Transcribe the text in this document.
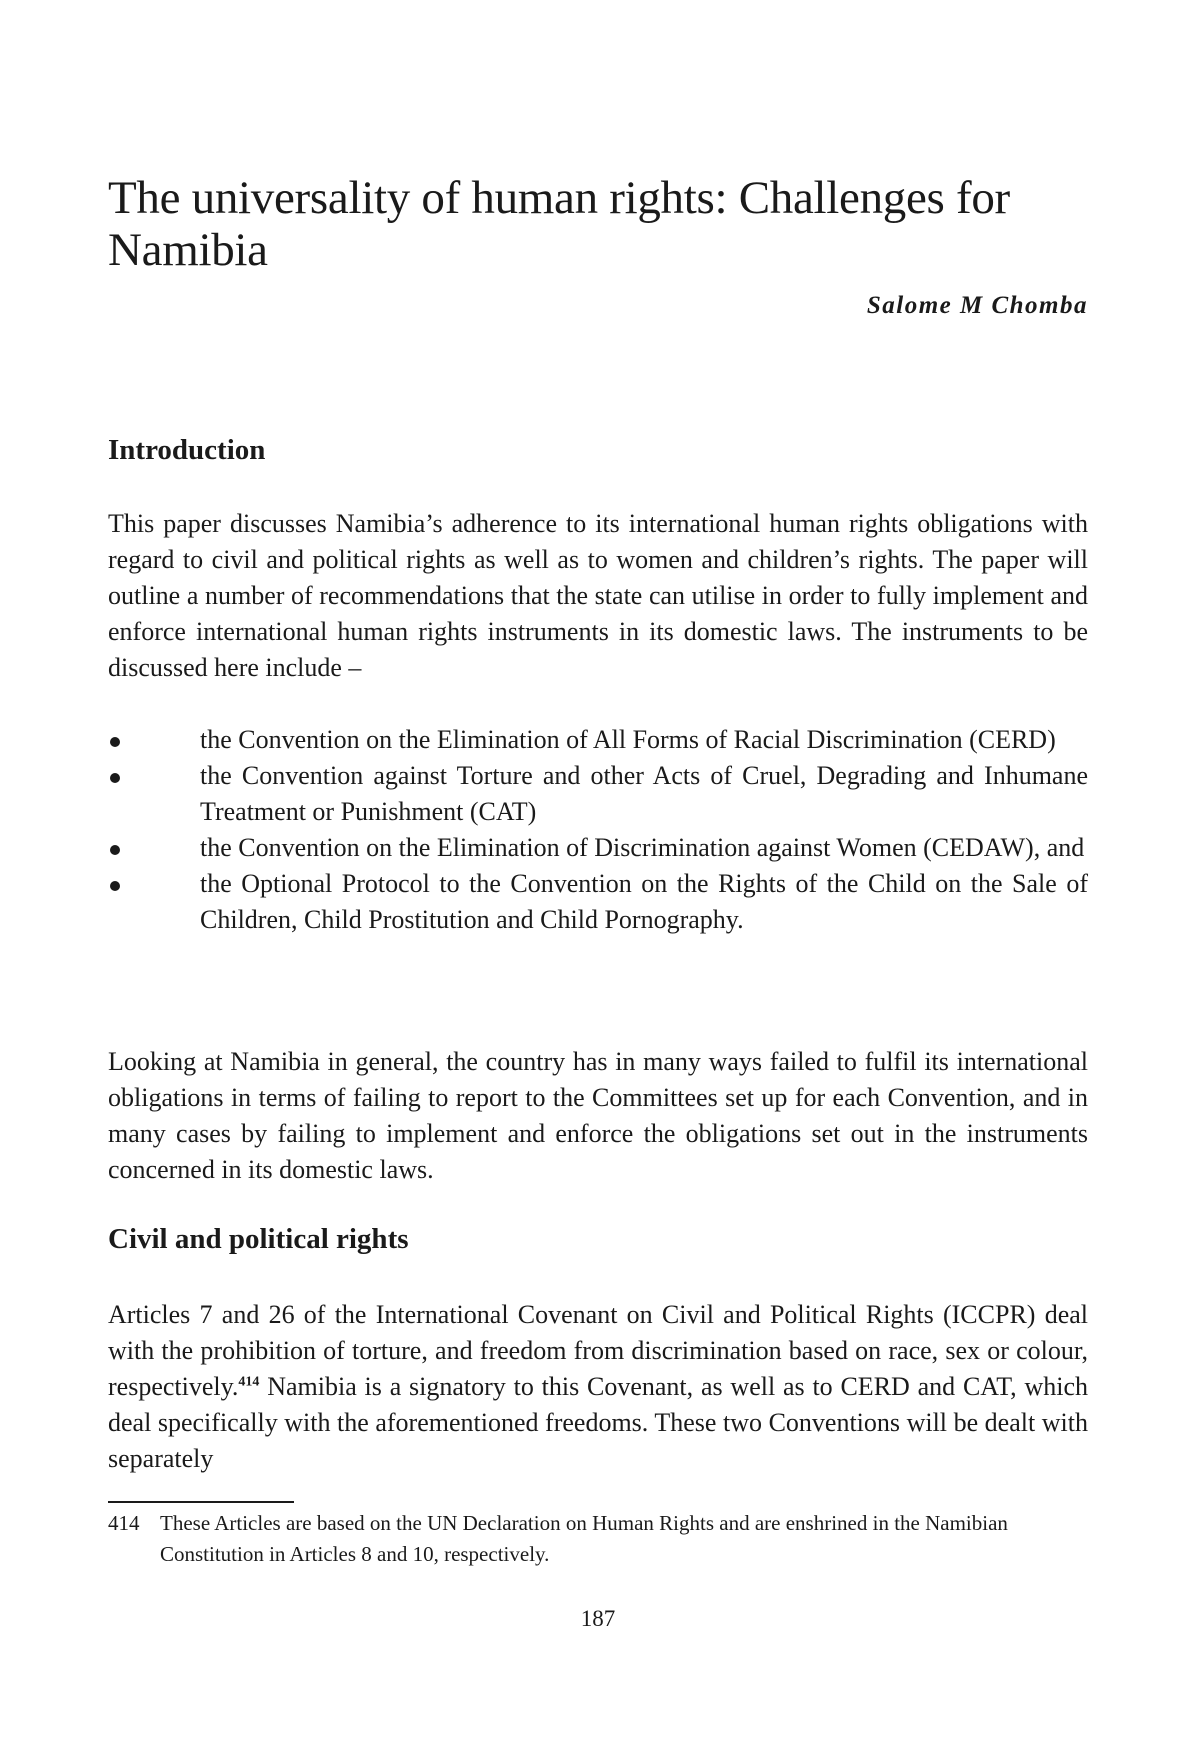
The universality of human rights: Challenges for Namibia

Salome M Chomba

Introduction

This paper discusses Namibia’s adherence to its international human rights obligations with regard to civil and political rights as well as to women and children’s rights. The paper will outline a number of recommendations that the state can utilise in order to fully implement and enforce international human rights instruments in its domestic laws. The instruments to be discussed here include –

the Convention on the Elimination of All Forms of Racial Discrimination (CERD)
the Convention against Torture and other Acts of Cruel, Degrading and Inhumane Treatment or Punishment (CAT)
the Convention on the Elimination of Discrimination against Women (CEDAW), and
the Optional Protocol to the Convention on the Rights of the Child on the Sale of Children, Child Prostitution and Child Pornography.

Looking at Namibia in general, the country has in many ways failed to fulfil its international obligations in terms of failing to report to the Committees set up for each Convention, and in many cases by failing to implement and enforce the obligations set out in the instruments concerned in its domestic laws.

Civil and political rights

Articles 7 and 26 of the International Covenant on Civil and Political Rights (ICCPR) deal with the prohibition of torture, and freedom from discrimination based on race, sex or colour, respectively.$^{414}$ Namibia is a signatory to this Covenant, as well as to CERD and CAT, which deal specifically with the aforementioned freedoms. These two Conventions will be dealt with separately

414 These Articles are based on the UN Declaration on Human Rights and are enshrined in the Namibian Constitution in Articles 8 and 10, respectively.
187
